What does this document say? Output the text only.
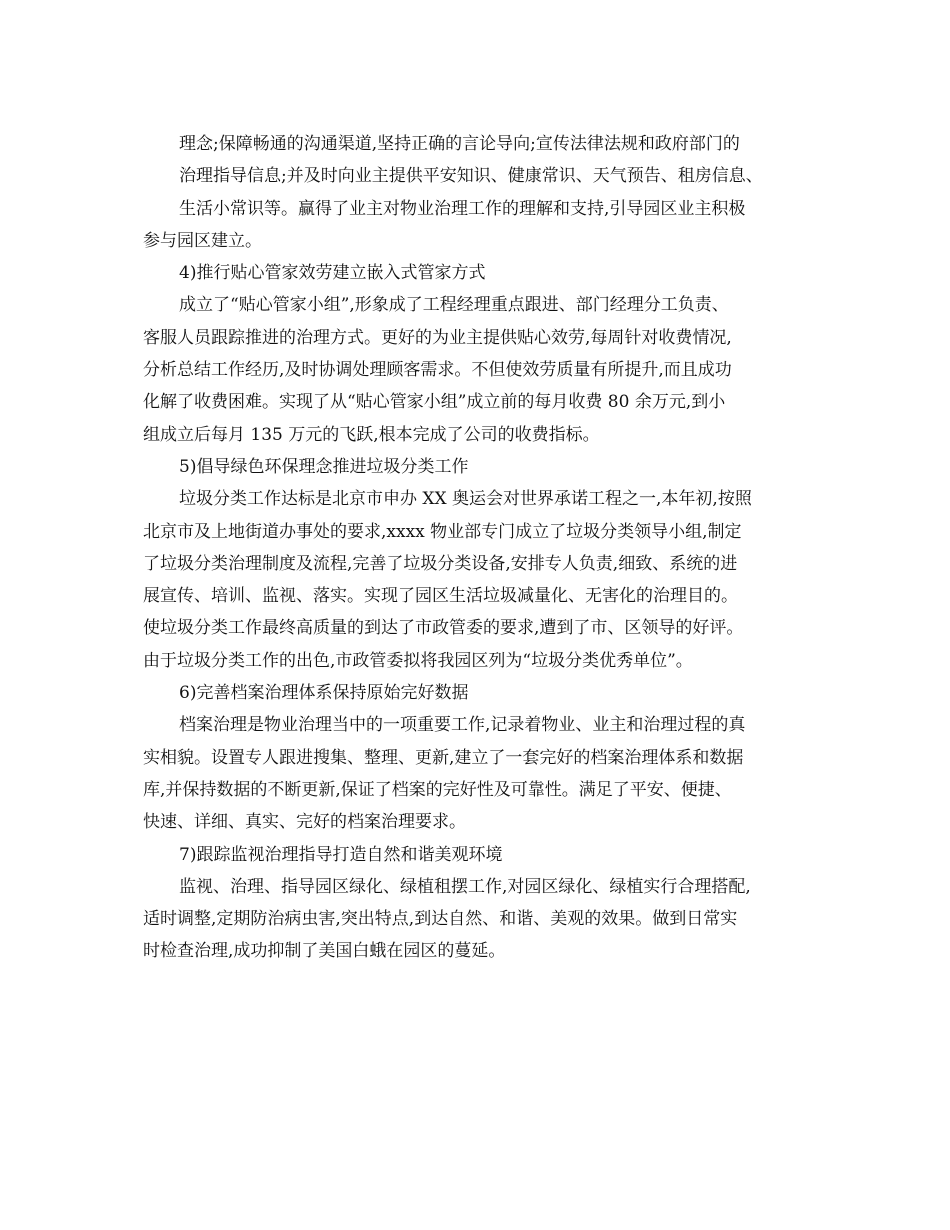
理念;保障畅通的沟通渠道,坚持正确的言论导向;宣传法律法规和政府部门的
治理指导信息;并及时向业主提供平安知识、健康常识、天气预告、租房信息、
生活小常识等。赢得了业主对物业治理工作的理解和支持,引导园区业主积极
参与园区建立。
4)推行贴心管家效劳建立嵌入式管家方式
成立了“贴心管家小组”,形象成了工程经理重点跟进、部门经理分工负责、
客服人员跟踪推进的治理方式。更好的为业主提供贴心效劳,每周针对收费情况,
分析总结工作经历,及时协调处理顾客需求。不但使效劳质量有所提升,而且成功
化解了收费困难。实现了从“贴心管家小组”成立前的每月收费 80 余万元,到小
组成立后每月 135 万元的飞跃,根本完成了公司的收费指标。
5)倡导绿色环保理念推进垃圾分类工作
垃圾分类工作达标是北京市申办 XX 奥运会对世界承诺工程之一,本年初,按照
北京市及上地街道办事处的要求,xxxx 物业部专门成立了垃圾分类领导小组,制定
了垃圾分类治理制度及流程,完善了垃圾分类设备,安排专人负责,细致、系统的进
展宣传、培训、监视、落实。实现了园区生活垃圾减量化、无害化的治理目的。
使垃圾分类工作最终高质量的到达了市政管委的要求,遭到了市、区领导的好评。
由于垃圾分类工作的出色,市政管委拟将我园区列为“垃圾分类优秀单位”。
6)完善档案治理体系保持原始完好数据
档案治理是物业治理当中的一项重要工作,记录着物业、业主和治理过程的真
实相貌。设置专人跟进搜集、整理、更新,建立了一套完好的档案治理体系和数据
库,并保持数据的不断更新,保证了档案的完好性及可靠性。满足了平安、便捷、
快速、详细、真实、完好的档案治理要求。
7)跟踪监视治理指导打造自然和谐美观环境
监视、治理、指导园区绿化、绿植租摆工作,对园区绿化、绿植实行合理搭配,
适时调整,定期防治病虫害,突出特点,到达自然、和谐、美观的效果。做到日常实
时检查治理,成功抑制了美国白蛾在园区的蔓延。
